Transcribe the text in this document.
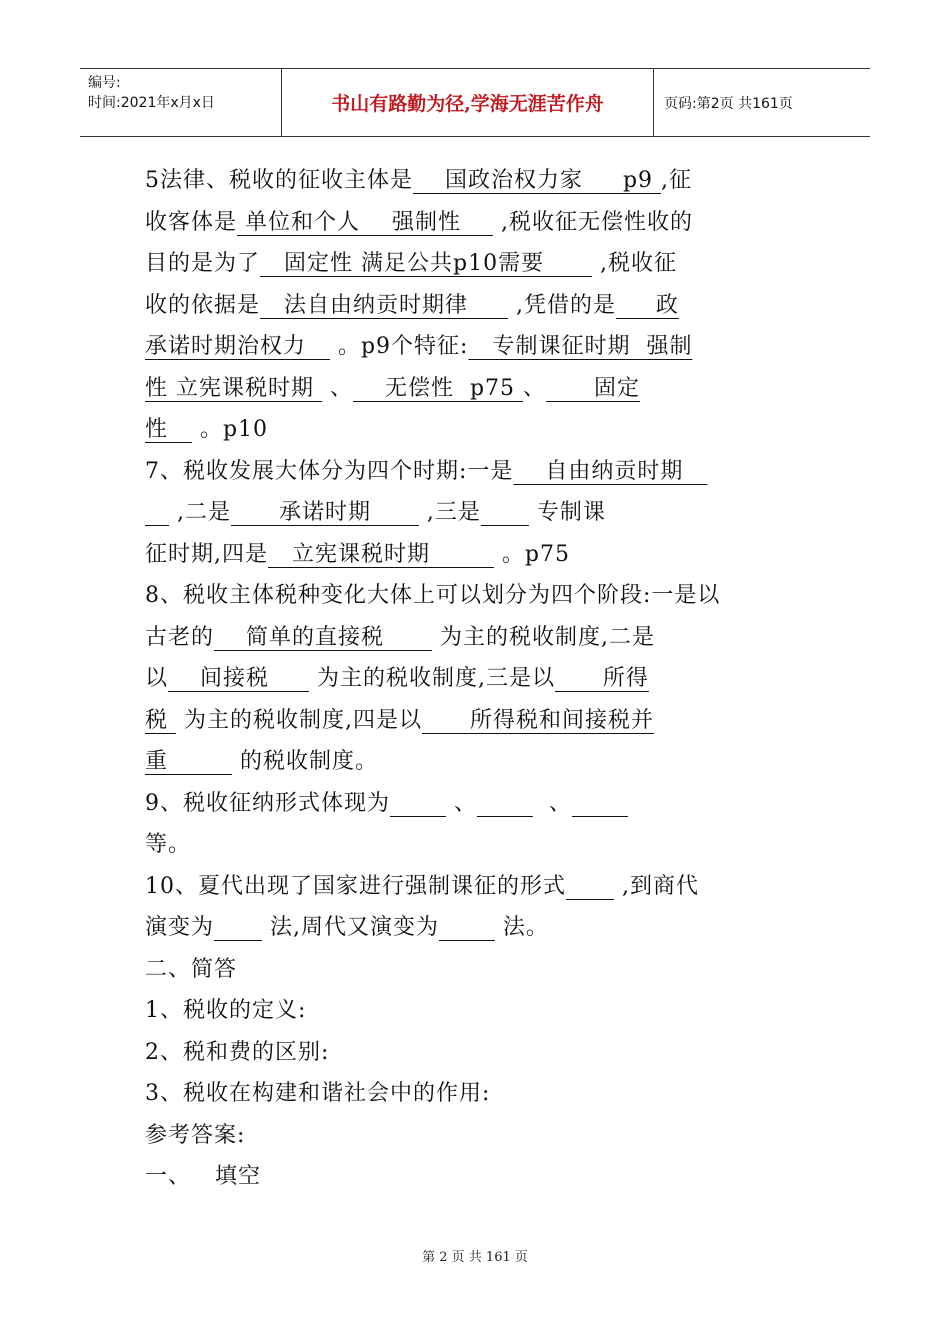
编号:
时间:2021年x月x日	书山有路勤为径,学海无涯苦作舟	页码:第2页 共161页
5法律、税收的征收主体是    国政治权力家     p9 ,征
收客体是 单位和个人    强制性     ,税收征无偿性收的
目的是为了   固定性 满足公共p10需要       ,税收征
收的依据是   法自由纳贡时期律      ,凭借的是     政
承诺时期治权力    。p9个特征:   专制课征时期  强制
性 立宪课税时期  、    无偿性  p75 、      固定
性    。p10
7、税收发展大体分为四个时期:一是    自由纳贡时期
,二是      承诺时期       ,三是       专制课
征时期,四是   立宪课税时期         。p75
8、税收主体税种变化大体上可以划分为四个阶段:一是以
古老的    简单的直接税       为主的税收制度,二是
以    间接税      为主的税收制度,三是以      所得
税  为主的税收制度,四是以      所得税和间接税并
重         的税收制度。
9、税收征纳形式体现为	、	、
等。
10、夏代出现了国家进行强制课征的形式       ,到商代
演变为       法,周代又演变为	法。
二、简答
1、税收的定义:
2、税和费的区别:
3、税收在构建和谐社会中的作用:
参考答案:
一、   填空
第 2 页 共 161 页
